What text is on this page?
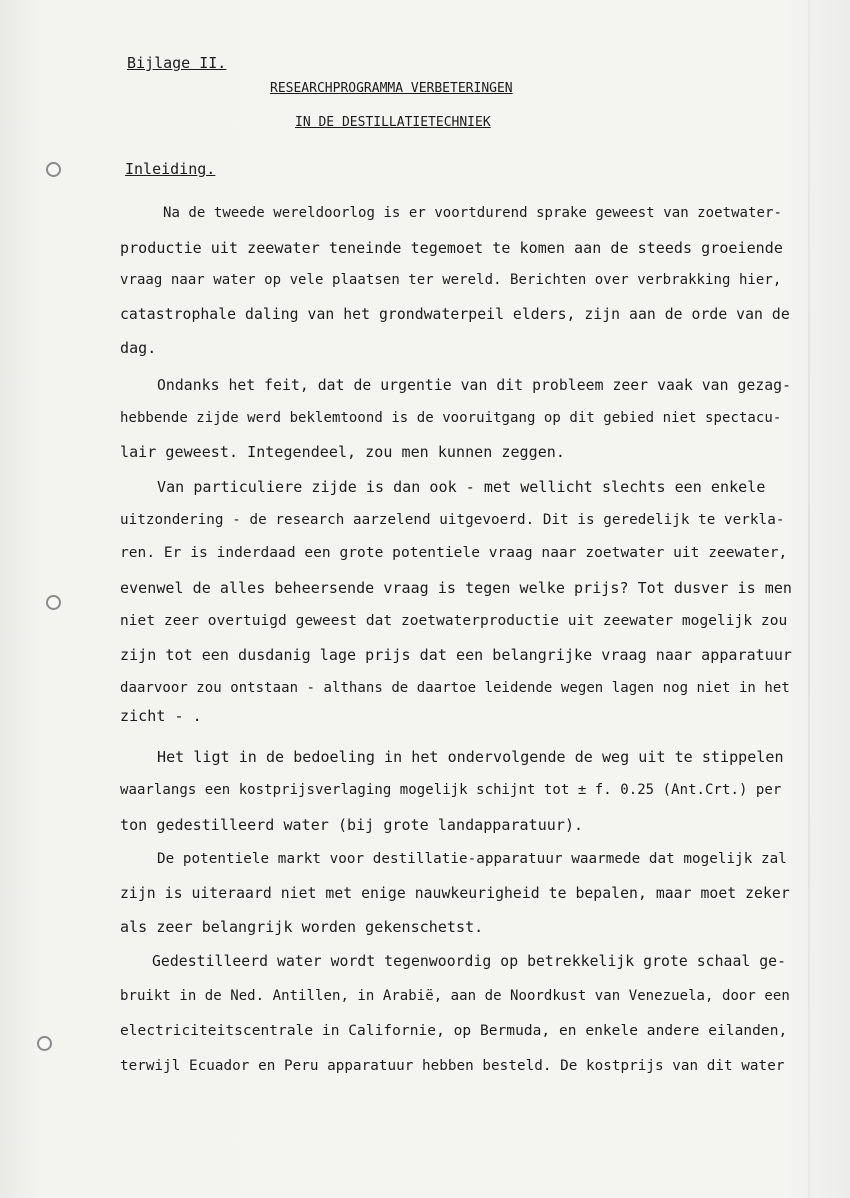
Bijlage II.
RESEARCHPROGRAMMA VERBETERINGEN
IN DE DESTILLATIETECHNIEK
Inleiding.
Na de tweede wereldoorlog is er voortdurend sprake geweest van zoetwater-
productie uit zeewater teneinde tegemoet te komen aan de steeds groeiende
vraag naar water op vele plaatsen ter wereld. Berichten over verbrakking hier,
catastrophale daling van het grondwaterpeil elders, zijn aan de orde van de
dag.
Ondanks het feit, dat de urgentie van dit probleem zeer vaak van gezag-
hebbende zijde werd beklemtoond is de vooruitgang op dit gebied niet spectacu-
lair geweest. Integendeel, zou men kunnen zeggen.
Van particuliere zijde is dan ook - met wellicht slechts een enkele
uitzondering - de research aarzelend uitgevoerd. Dit is geredelijk te verkla-
ren. Er is inderdaad een grote potentiele vraag naar zoetwater uit zeewater,
evenwel de alles beheersende vraag is tegen welke prijs? Tot dusver is men
niet zeer overtuigd geweest dat zoetwaterproductie uit zeewater mogelijk zou
zijn tot een dusdanig lage prijs dat een belangrijke vraag naar apparatuur
daarvoor zou ontstaan - althans de daartoe leidende wegen lagen nog niet in het
zicht - .
Het ligt in de bedoeling in het ondervolgende de weg uit te stippelen
waarlangs een kostprijsverlaging mogelijk schijnt tot ± f. 0.25 (Ant.Crt.) per
ton gedestilleerd water (bij grote landapparatuur).
De potentiele markt voor destillatie-apparatuur waarmede dat mogelijk zal
zijn is uiteraard niet met enige nauwkeurigheid te bepalen, maar moet zeker
als zeer belangrijk worden gekenschetst.
Gedestilleerd water wordt tegenwoordig op betrekkelijk grote schaal ge-
bruikt in de Ned. Antillen, in Arabië, aan de Noordkust van Venezuela, door een
electriciteitscentrale in Californie, op Bermuda, en enkele andere eilanden,
terwijl Ecuador en Peru apparatuur hebben besteld. De kostprijs van dit water
